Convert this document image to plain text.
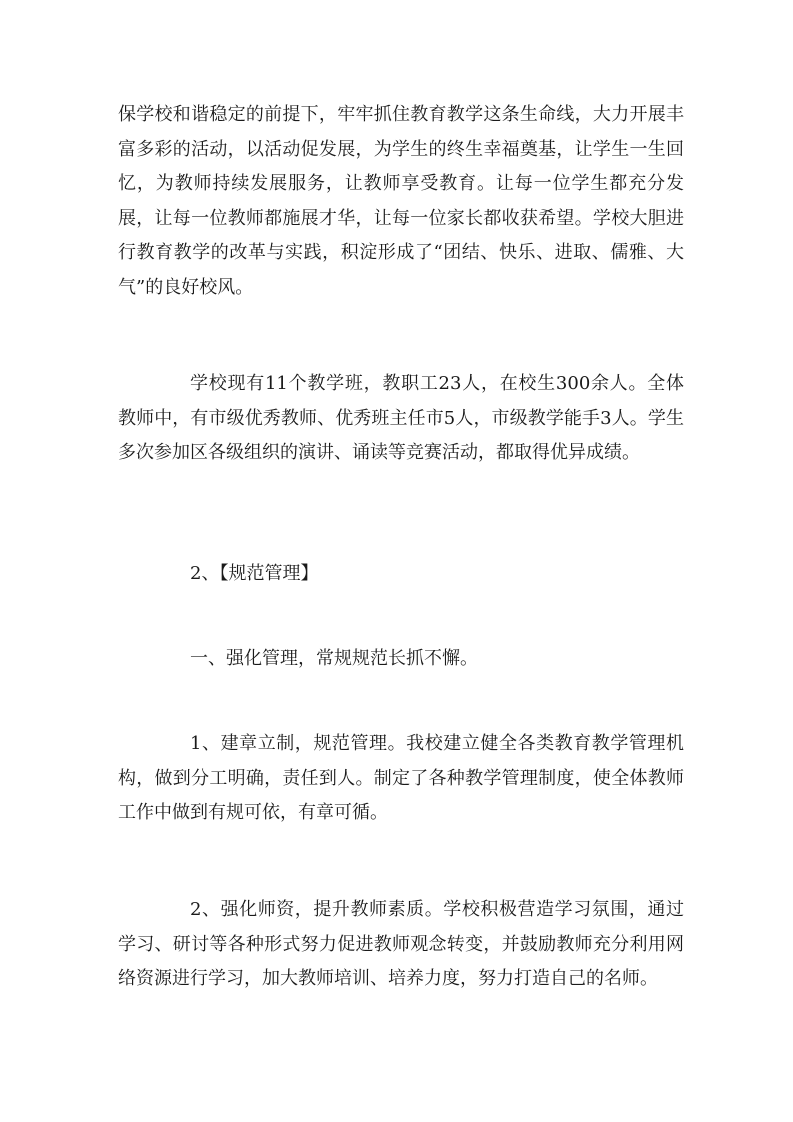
保学校和谐稳定的前提下，牢牢抓住教育教学这条生命线，大力开展丰富多彩的活动，以活动促发展，为学生的终生幸福奠基，让学生一生回忆，为教师持续发展服务，让教师享受教育。让每一位学生都充分发展，让每一位教师都施展才华，让每一位家长都收获希望。学校大胆进行教育教学的改革与实践，积淀形成了“团结、快乐、进取、儒雅、大气”的良好校风。

学校现有11个教学班，教职工23人，在校生300余人。全体教师中，有市级优秀教师、优秀班主任市5人，市级教学能手3人。学生多次参加区各级组织的演讲、诵读等竞赛活动，都取得优异成绩。

2、【规范管理】

一、强化管理，常规规范长抓不懈。

1、建章立制，规范管理。我校建立健全各类教育教学管理机构，做到分工明确，责任到人。制定了各种教学管理制度，使全体教师工作中做到有规可依，有章可循。

2、强化师资，提升教师素质。学校积极营造学习氛围，通过学习、研讨等各种形式努力促进教师观念转变，并鼓励教师充分利用网络资源进行学习，加大教师培训、培养力度，努力打造自己的名师。
